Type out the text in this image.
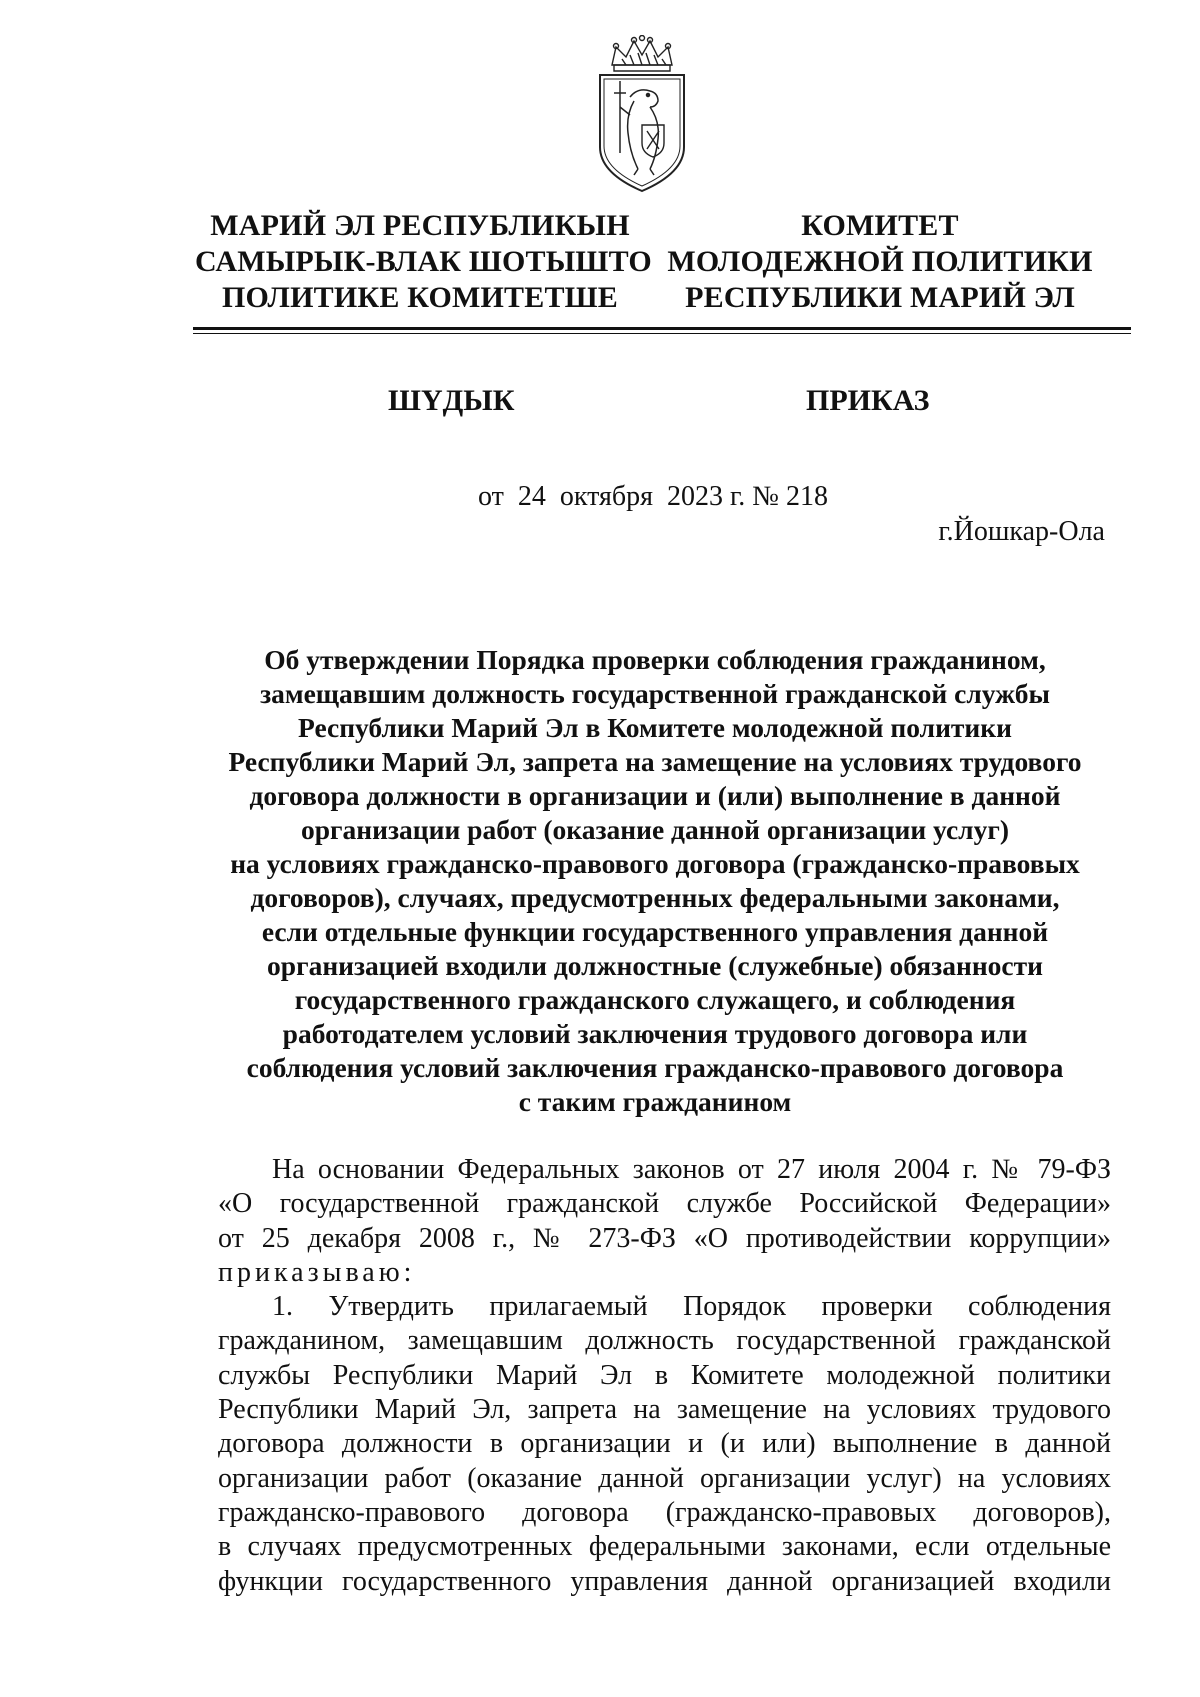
МАРИЙ ЭЛ РЕСПУБЛИКЫН
САМЫРЫК-ВЛАК ШОТЫШТО
ПОЛИТИКЕ КОМИТЕТШЕ
КОМИТЕТ
МОЛОДЕЖНОЙ ПОЛИТИКИ
РЕСПУБЛИКИ МАРИЙ ЭЛ
ШҮДЫК	ПРИКАЗ
от  24  октября  2023 г. № 218
г.Йошкар-Ола
Об утверждении Порядка проверки соблюдения гражданином,
замещавшим должность государственной гражданской службы
Республики Марий Эл в Комитете молодежной политики
Республики Марий Эл, запрета на замещение на условиях трудового
договора должности в организации и (или) выполнение в данной
организации работ (оказание данной организации услуг)
на условиях гражданско-правового договора (гражданско-правовых
договоров), случаях, предусмотренных федеральными законами,
если отдельные функции государственного управления данной
организацией входили должностные (служебные) обязанности
государственного гражданского служащего, и соблюдения
работодателем условий заключения трудового договора или
соблюдения условий заключения гражданско-правового договора
с таким гражданином
На основании Федеральных законов от 27 июля 2004 г. № 79-ФЗ
«О государственной гражданской службе Российской Федерации»
от 25 декабря 2008 г., № 273-ФЗ «О противодействии коррупции»
приказываю:
1. Утвердить прилагаемый Порядок проверки соблюдения
гражданином, замещавшим должность государственной гражданской
службы Республики Марий Эл в Комитете молодежной политики
Республики Марий Эл, запрета на замещение на условиях трудового
договора должности в организации и (и или) выполнение в данной
организации работ (оказание данной организации услуг) на условиях
гражданско-правового договора (гражданско-правовых договоров),
в случаях предусмотренных федеральными законами, если отдельные
функции государственного управления данной организацией входили
